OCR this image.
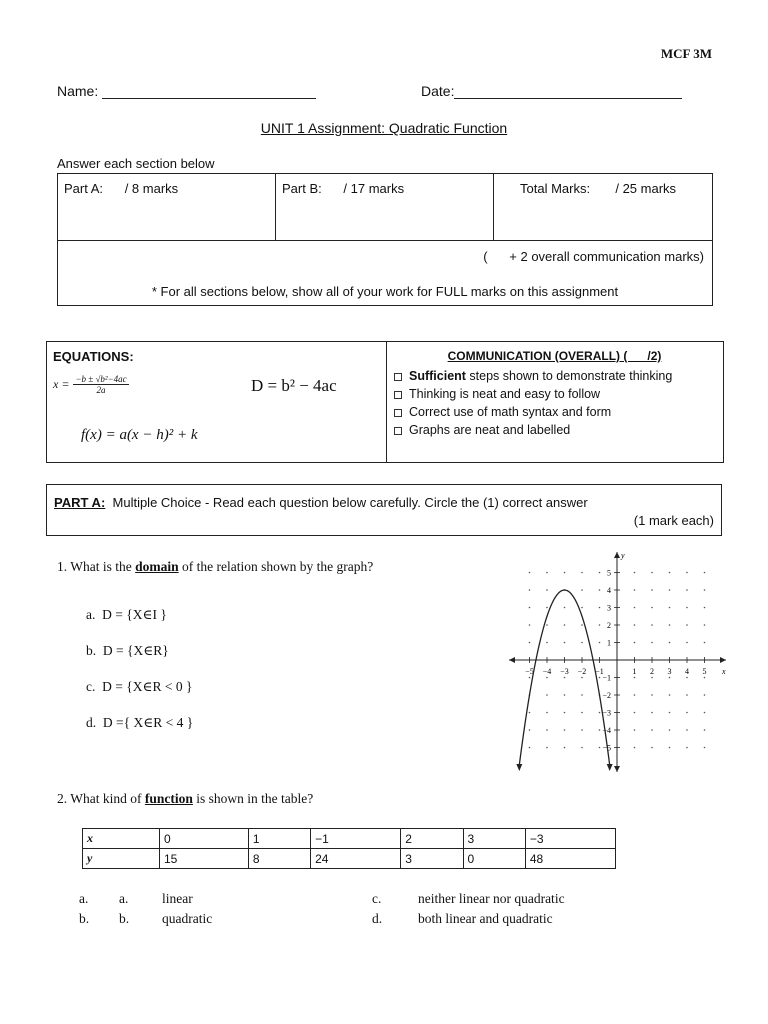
MCF 3M
Name:	Date:
UNIT 1 Assignment: Quadratic Function
Answer each section below
Part A:      / 8 marks	Part B:      / 17 marks	Total Marks:       / 25 marks

(      + 2 overall communication marks)
* For all sections below, show all of your work for FULL marks on this assignment
EQUATIONS:
$x = \frac{\text{−b ± √b²−4ac}}{2a}$	D = b² − 4ac
f(x) = a(x − h)² + k
COMMUNICATION (OVERALL) (      /2)
Sufficient steps shown to demonstrate thinking
Thinking is neat and easy to follow
Correct use of math syntax and form
Graphs are neat and labelled
PART A:  Multiple Choice - Read each question below carefully. Circle the (1) correct answer
(1 mark each)
1. What is the domain of the relation shown by the graph?
a. D = {X∈I }
b. D = {X∈R}
c. D = {X∈R < 0 }
d. D ={ X∈R < 4 }
−5 −4 −3 −2 −1	1 2 3 4 5
5
4
3
2
1
−1
−2
−3
−4
−5
x
y
2. What kind of function is shown in the table?
x	0	1	−1	2	3	−3
y	15	8	24	3	0	48
a. a. linear
b. b. quadratic
c.	neither linear nor quadratic
d.	both linear and quadratic
